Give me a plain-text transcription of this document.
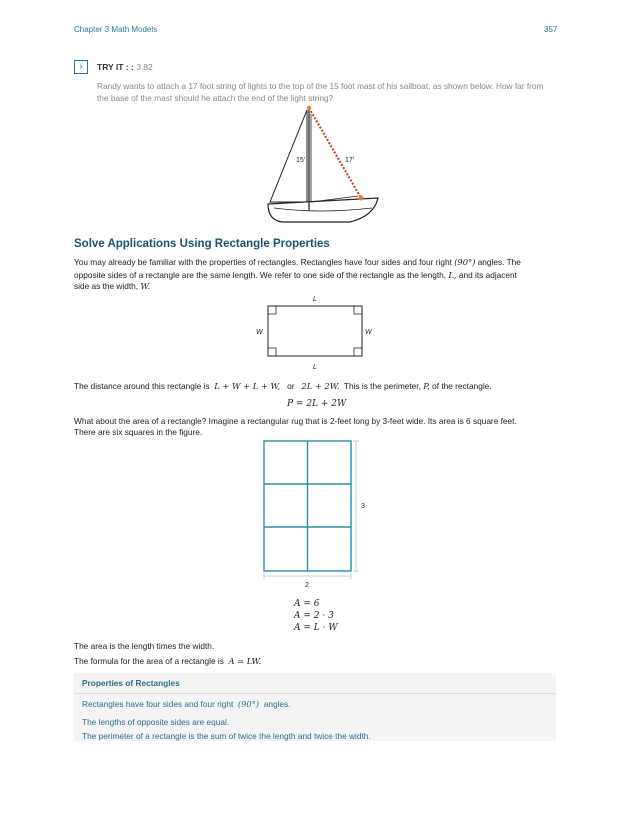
Chapter 3 Math Models	357
›	TRY IT : : 3.82
Randy wants to attach a 17 foot string of lights to the top of the 15 foot mast of his sailboat, as shown below. How far from the base of the mast should he attach the end of the light string?
15'	17'
Solve Applications Using Rectangle Properties
You may already be familiar with the properties of rectangles. Rectangles have four sides and four right (90°) angles. The
opposite sides of a rectangle are the same length. We refer to one side of the rectangle as the length, L, and its adjacent
side as the width, W.
L
L
W	W
The distance around this rectangle is L + W + L + W, or 2L + 2W. This is the perimeter, P, of the rectangle.
P = 2L + 2W
What about the area of a rectangle? Imagine a rectangular rug that is 2-feet long by 3-feet wide. Its area is 6 square feet.
There are six squares in the figure.
3
2
A = 6
A = 2 · 3
A = L · W
The area is the length times the width.
The formula for the area of a rectangle is A = LW.
Properties of Rectangles
Rectangles have four sides and four right (90°) angles.
The lengths of opposite sides are equal.
The perimeter of a rectangle is the sum of twice the length and twice the width.
